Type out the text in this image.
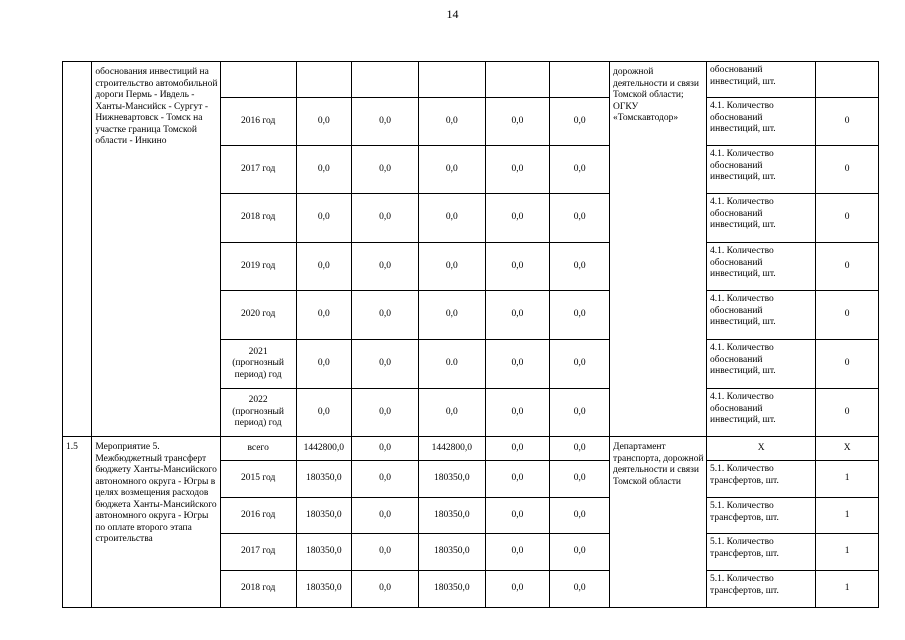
14
	обоснования инвестиций на строительство автомобильной дороги Пермь - Ивдель - Ханты-Мансийск - Сургут - Нижневартовск - Томск на участке граница Томской области - Инкино							дорожной деятельности и связи Томской области; ОГКУ «Томскавтодор»	обоснований инвестиций, шт.	
		2016 год	0,0	0,0	0,0	0,0	0,0		4.1. Количество обоснований инвестиций, шт.	0
		2017 год	0,0	0,0	0,0	0,0	0,0		4.1. Количество обоснований инвестиций, шт.	0
		2018 год	0,0	0,0	0,0	0,0	0,0		4.1. Количество обоснований инвестиций, шт.	0
		2019 год	0,0	0,0	0,0	0,0	0,0		4.1. Количество обоснований инвестиций, шт.	0
		2020 год	0,0	0,0	0,0	0,0	0,0		4.1. Количество обоснований инвестиций, шт.	0
		2021 (прогнозный период) год	0,0	0,0	0.0	0,0	0,0		4.1. Количество обоснований инвестиций, шт.	0
		2022 (прогнозный период) год	0,0	0,0	0,0	0,0	0,0		4.1. Количество обоснований инвестиций, шт.	0
1.5	Мероприятие 5. Межбюджетный трансферт бюджету Ханты-Мансийского автономного округа - Югры в целях возмещения расходов бюджета Ханты-Мансийского автономного округа - Югры по оплате второго этапа строительства	всего	1442800,0	0,0	1442800,0	0,0	0,0	Департамент транспорта, дорожной деятельности и связи Томской области	X	X
		2015 год	180350,0	0,0	180350,0	0,0	0,0		5.1. Количество трансфертов, шт.	1
		2016 год	180350,0	0,0	180350,0	0,0	0,0		5.1. Количество трансфертов, шт.	1
		2017 год	180350,0	0,0	180350,0	0,0	0,0		5.1. Количество трансфертов, шт.	1
		2018 год	180350,0	0,0	180350,0	0,0	0,0		5.1. Количество трансфертов, шт.	1
